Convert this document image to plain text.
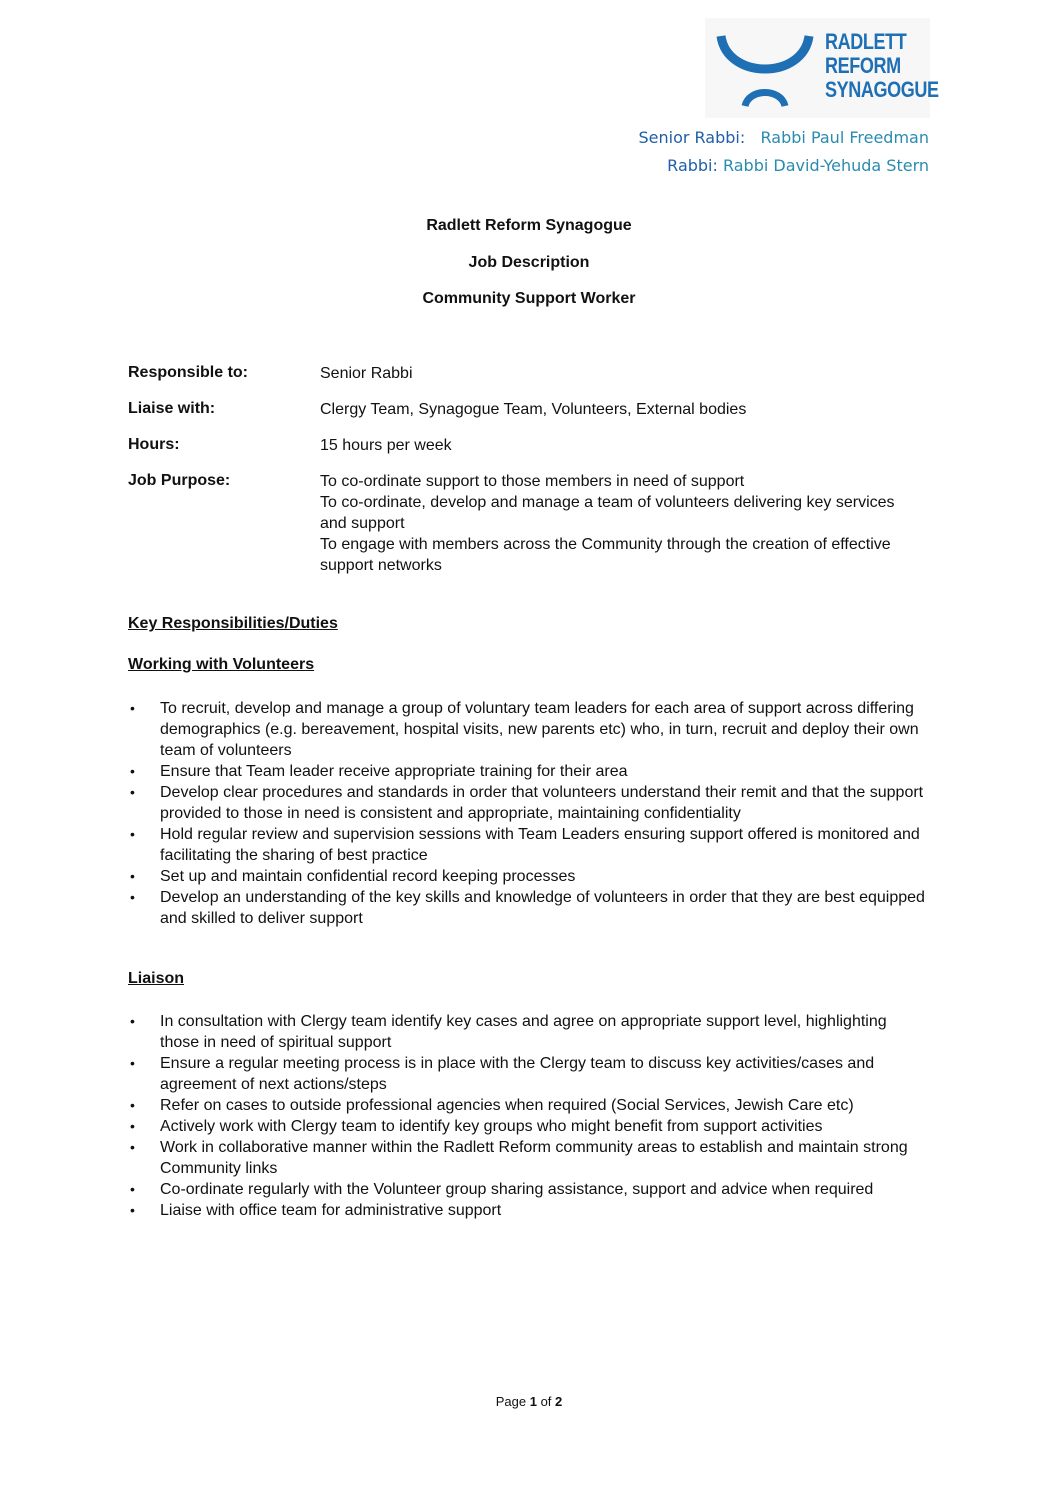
RADLETT
REFORM
SYNAGOGUE
Senior Rabbi: Rabbi Paul Freedman
Rabbi: Rabbi David-Yehuda Stern
Radlett Reform Synagogue
Job Description
Community Support Worker
Responsible to:	Senior Rabbi
Liaise with:	Clergy Team, Synagogue Team, Volunteers, External bodies
Hours:	15 hours per week
Job Purpose:	To co-ordinate support to those members in need of support
To co-ordinate, develop and manage a team of volunteers delivering key services and support
To engage with members across the Community through the creation of effective support networks
Key Responsibilities/Duties
Working with Volunteers
• To recruit, develop and manage a group of voluntary team leaders for each area of support across differing demographics (e.g. bereavement, hospital visits, new parents etc) who, in turn, recruit and deploy their own team of volunteers
• Ensure that Team leader receive appropriate training for their area
• Develop clear procedures and standards in order that volunteers understand their remit and that the support provided to those in need is consistent and appropriate, maintaining confidentiality
• Hold regular review and supervision sessions with Team Leaders ensuring support offered is monitored and facilitating the sharing of best practice
• Set up and maintain confidential record keeping processes
• Develop an understanding of the key skills and knowledge of volunteers in order that they are best equipped and skilled to deliver support
Liaison
• In consultation with Clergy team identify key cases and agree on appropriate support level, highlighting those in need of spiritual support
• Ensure a regular meeting process is in place with the Clergy team to discuss key activities/cases and agreement of next actions/steps
• Refer on cases to outside professional agencies when required (Social Services, Jewish Care etc)
• Actively work with Clergy team to identify key groups who might benefit from support activities
• Work in collaborative manner within the Radlett Reform community areas to establish and maintain strong Community links
• Co-ordinate regularly with the Volunteer group sharing assistance, support and advice when required
• Liaise with office team for administrative support
Page 1 of 2
